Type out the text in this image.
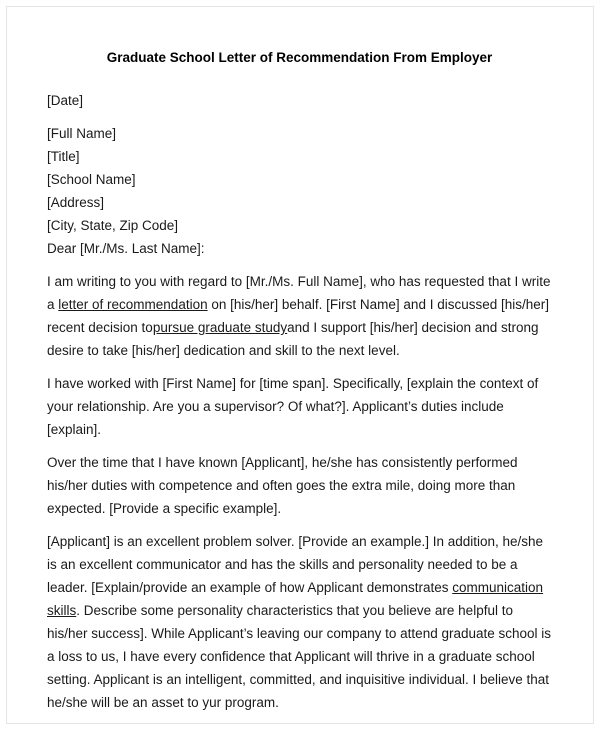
Graduate School Letter of Recommendation From Employer
[Date]
[Full Name]
[Title]
[School Name]
[Address]
[City, State, Zip Code]
Dear [Mr./Ms. Last Name]:

I am writing to you with regard to [Mr./Ms. Full Name], who has requested that I write a letter of recommendation on [his/her] behalf. [First Name] and I discussed [his/her] recent decision topursue graduate studyand I support [his/her] decision and strong desire to take [his/her] dedication and skill to the next level.

I have worked with [First Name] for [time span]. Specifically, [explain the context of your relationship. Are you a supervisor? Of what?]. Applicant’s duties include [explain].

Over the time that I have known [Applicant], he/she has consistently performed his/her duties with competence and often goes the extra mile, doing more than expected. [Provide a specific example].

[Applicant] is an excellent problem solver. [Provide an example.] In addition, he/she is an excellent communicator and has the skills and personality needed to be a leader. [Explain/provide an example of how Applicant demonstrates communication skills. Describe some personality characteristics that you believe are helpful to his/her success]. While Applicant’s leaving our company to attend graduate school is a loss to us, I have every confidence that Applicant will thrive in a graduate school setting. Applicant is an intelligent, committed, and inquisitive individual. I believe that he/she will be an asset to yur program.
